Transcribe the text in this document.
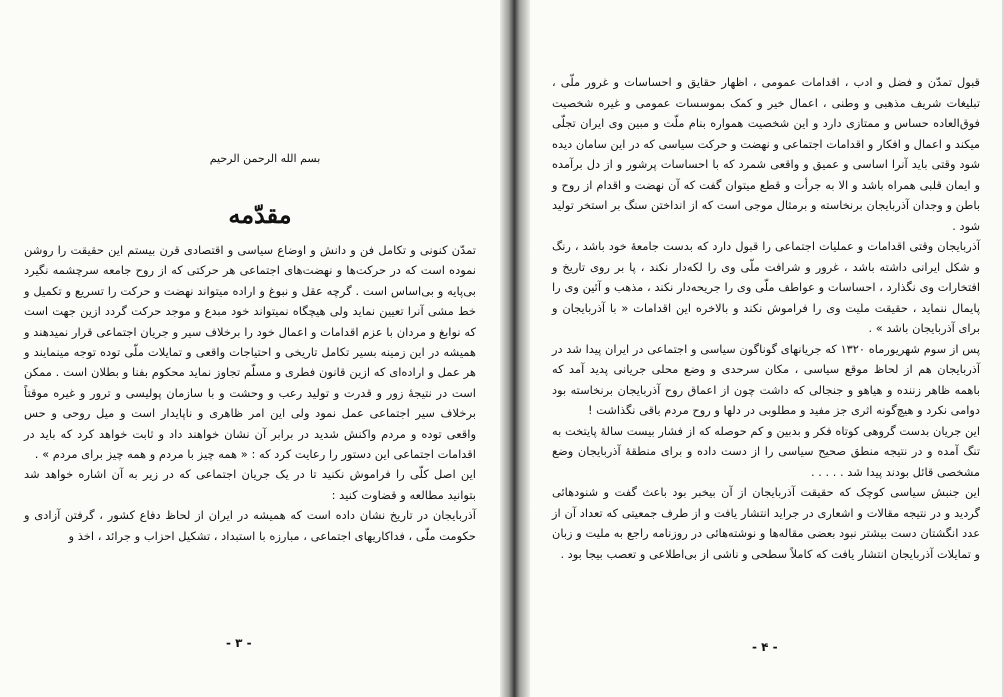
بسم الله الرحمن الرحیم
مقدّمه

تمدّن کنونی و تکامل فن و دانش و اوضاع سیاسی و اقتصادی قرن بیستم این حقیقت را روشن نموده است که در حرکت‌ها و نهضت‌های اجتماعی هر حرکتی که از روح جامعه سرچشمه نگیرد بی‌پایه و بی‌اساس است . گرچه عقل و نبوغ و اراده میتواند نهضت و حرکت را تسریع و تکمیل و خط مشی آنرا تعیین نماید ولی هیچگاه نمیتواند خود مبدع و موجد حرکت گردد ازین جهت است که نوابغ و مردان با عزم اقدامات و اعمال خود را برخلاف سیر و جریان اجتماعی قرار نمیدهند و همیشه در این زمینه بسیر تکامل تاریخی و احتیاجات واقعی و تمایلات ملّی توده توجه مینمایند و هر عمل و اراده‌ای که ازین قانون فطری و مسلّم تجاوز نماید محکوم بفنا و بطلان است . ممکن است در نتیجهٔ زور و قدرت و تولید رعب و وحشت و با سازمان پولیسی و ترور و غیره موقتاً برخلاف سیر اجتماعی عمل نمود ولی این امر ظاهری و ناپایدار است و میل روحی و حس واقعی توده و مردم واکنش شدید در برابر آن نشان خواهند داد و ثابت خواهد کرد که باید در اقدامات اجتماعی این دستور را رعایت کرد که : « همه چیز با مردم و همه چیز برای مردم » .

این اصل کلّی را فراموش نکنید تا در یک جریان اجتماعی که در زیر به آن اشاره خواهد شد بتوانید مطالعه و قضاوت کنید :

آذربایجان در تاریخ نشان داده است که همیشه در ایران از لحاظ دفاع کشور ، گرفتن آزادی و حکومت ملّی ، فداکاریهای اجتماعی ، مبارزه با استبداد ، تشکیل احزاب و جرائد ، اخذ و

- ۳ -

قبول تمدّن و فضل و ادب ، اقدامات عمومی ، اظهار حقایق و احساسات و غرور ملّی ، تبلیغات شریف مذهبی و وطنی ، اعمال خیر و کمک بموسسات عمومی و غیره شخصیت فوق‌العاده حساس و ممتازی دارد و این شخصیت همواره بنام ملّت و مبین وی ایران تجلّی میکند و اعمال و افکار و اقدامات اجتماعی و نهضت و حرکت سیاسی که در این سامان دیده شود وقتی باید آنرا اساسی و عمیق و واقعی شمرد که با احساسات پرشور و از دل برآمده و ایمان قلبی همراه باشد و الا به جرأت و قطع میتوان گفت که آن نهضت و اقدام از روح و باطن و وجدان آذربایجان برنخاسته و برمثال موجی است که از انداختن سنگ بر استخر تولید شود .

آذربایجان وقتی اقدامات و عملیات اجتماعی را قبول دارد که بدست جامعهٔ خود باشد ، رنگ و شکل ایرانی داشته باشد ، غرور و شرافت ملّی وی را لکه‌دار نکند ، پا بر روی تاریخ و افتخارات وی نگذارد ، احساسات و عواطف ملّی وی را جریحه‌دار نکند ، مذهب و آئین وی را پایمال ننماید ، حقیقت ملیت وی را فراموش نکند و بالاخره این اقدامات « با آذربایجان و برای آذربایجان باشد » .

پس از سوم شهریورماه ۱۳۲۰ که جریانهای گوناگون سیاسی و اجتماعی در ایران پیدا شد در آذربایجان هم از لحاظ موقع سیاسی ، مکان سرحدی و وضع محلی جریانی پدید آمد که باهمه ظاهر زننده و هیاهو و جنجالی که داشت چون از اعماق روح آذربایجان برنخاسته بود دوامی نکرد و هیچ‌گونه اثری جز مفید و مطلوبی در دلها و روح مردم باقی نگذاشت !

این جریان بدست گروهی کوتاه فکر و بدبین و کم حوصله که از فشار بیست سالهٔ پایتخت به تنگ آمده و در نتیجه منطق صحیح سیاسی را از دست داده و برای منطقهٔ آذربایجان وضع مشخصی قائل بودند پیدا شد . . . . .

این جنبش سیاسی کوچک که حقیقت آذربایجان از آن بیخبر بود باعث گفت و شنودهائی گردید و در نتیجه مقالات و اشعاری در جراید انتشار یافت و از طرف جمعیتی که تعداد آن از عدد انگشتان دست بیشتر نبود بعضی مقاله‌ها و نوشته‌هائی در روزنامه راجع به ملیت و زبان و تمایلات آذربایجان انتشار یافت که کاملاً سطحی و ناشی از بی‌اطلاعی و تعصب بیجا بود .

- ۴ -
